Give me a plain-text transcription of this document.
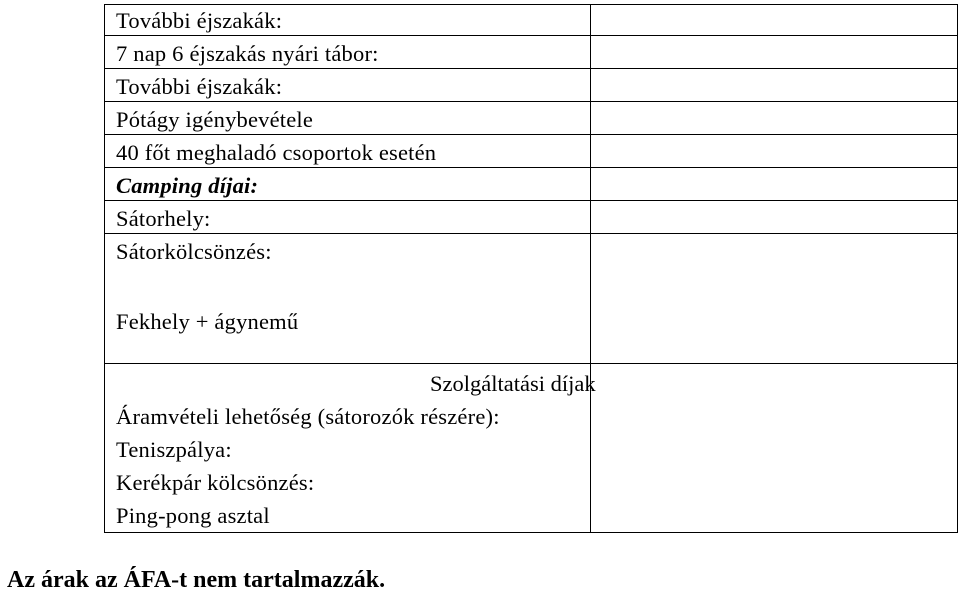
További éjszakák:
7 nap 6 éjszakás nyári tábor:
További éjszakák:
Pótágy igénybevétele
40 főt meghaladó csoportok esetén
Camping díjai:
Sátorhely:
Sátorkölcsönzés:
Fekhely + ágynemű
Szolgáltatási díjak
Áramvételi lehetőség (sátorozók részére):
Teniszpálya:
Kerékpár kölcsönzés:
Ping-pong asztal
Az árak az ÁFA-t nem tartalmazzák.
